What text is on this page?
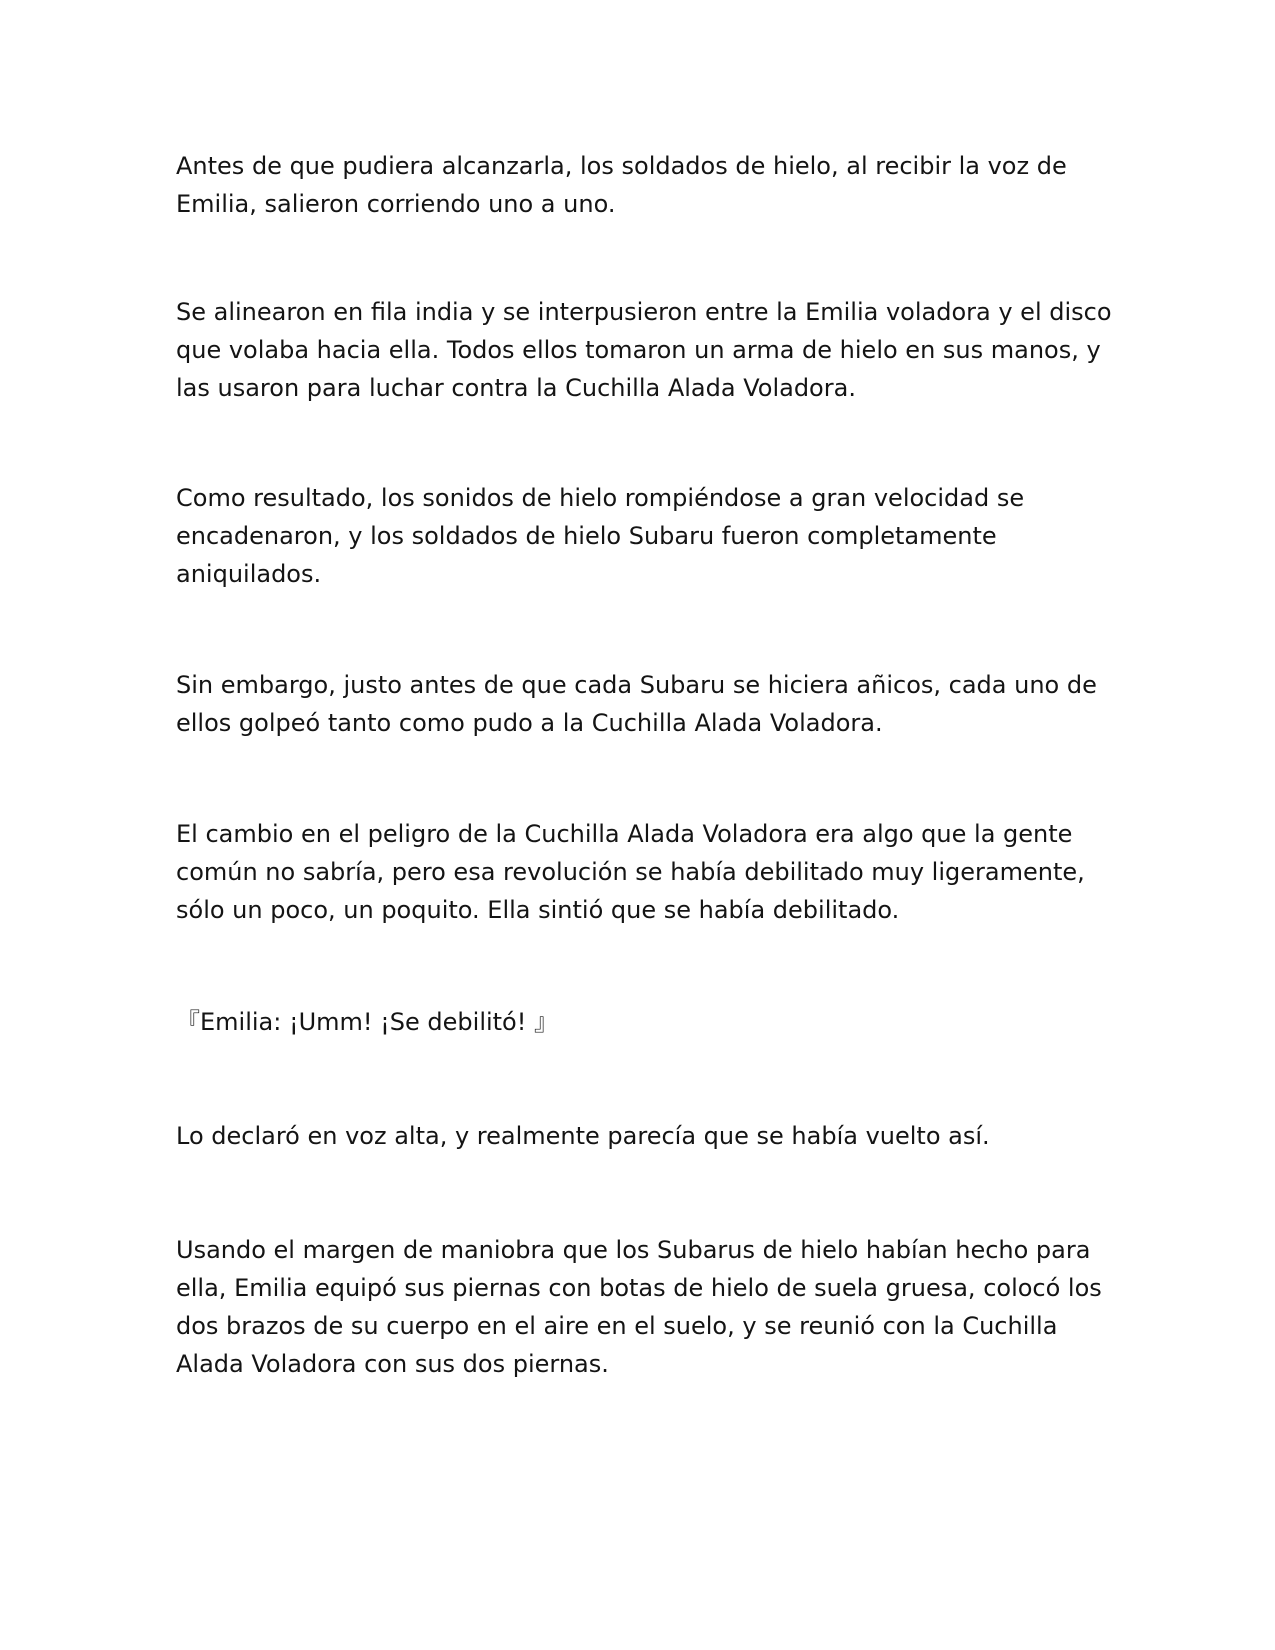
Antes de que pudiera alcanzarla, los soldados de hielo, al recibir la voz de
Emilia, salieron corriendo uno a uno.

Se alinearon en fila india y se interpusieron entre la Emilia voladora y el disco
que volaba hacia ella. Todos ellos tomaron un arma de hielo en sus manos, y
las usaron para luchar contra la Cuchilla Alada Voladora.

Como resultado, los sonidos de hielo rompiéndose a gran velocidad se
encadenaron, y los soldados de hielo Subaru fueron completamente
aniquilados.

Sin embargo, justo antes de que cada Subaru se hiciera añicos, cada uno de
ellos golpeó tanto como pudo a la Cuchilla Alada Voladora.

El cambio en el peligro de la Cuchilla Alada Voladora era algo que la gente
común no sabría, pero esa revolución se había debilitado muy ligeramente,
sólo un poco, un poquito. Ella sintió que se había debilitado.

『Emilia: ¡Umm! ¡Se debilitó! 』

Lo declaró en voz alta, y realmente parecía que se había vuelto así.

Usando el margen de maniobra que los Subarus de hielo habían hecho para
ella, Emilia equipó sus piernas con botas de hielo de suela gruesa, colocó los
dos brazos de su cuerpo en el aire en el suelo, y se reunió con la Cuchilla
Alada Voladora con sus dos piernas.
